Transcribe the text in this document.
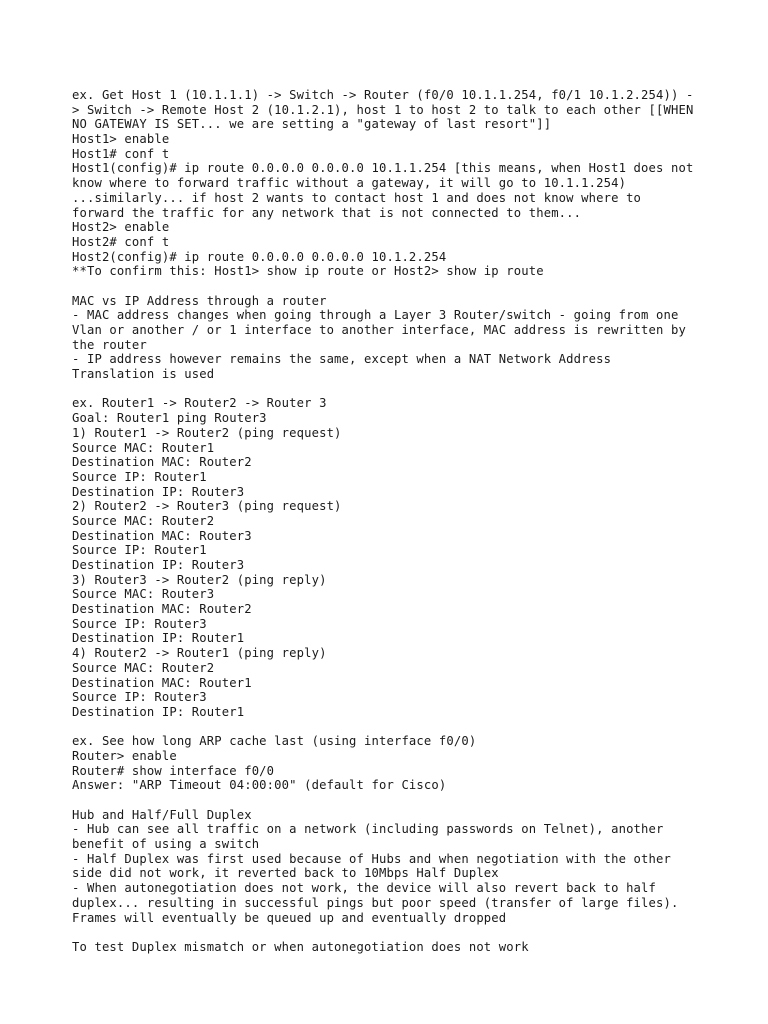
ex. Get Host 1 (10.1.1.1) -> Switch -> Router (f0/0 10.1.1.254, f0/1 10.1.2.254)) -
> Switch -> Remote Host 2 (10.1.2.1), host 1 to host 2 to talk to each other [[WHEN
NO GATEWAY IS SET... we are setting a "gateway of last resort"]]
Host1> enable
Host1# conf t
Host1(config)# ip route 0.0.0.0 0.0.0.0 10.1.1.254 [this means, when Host1 does not
know where to forward traffic without a gateway, it will go to 10.1.1.254)
...similarly... if host 2 wants to contact host 1 and does not know where to
forward the traffic for any network that is not connected to them...
Host2> enable
Host2# conf t
Host2(config)# ip route 0.0.0.0 0.0.0.0 10.1.2.254
**To confirm this: Host1> show ip route or Host2> show ip route
MAC vs IP Address through a router
- MAC address changes when going through a Layer 3 Router/switch - going from one
Vlan or another / or 1 interface to another interface, MAC address is rewritten by
the router
- IP address however remains the same, except when a NAT Network Address
Translation is used
ex. Router1 -> Router2 -> Router 3
Goal: Router1 ping Router3
1) Router1 -> Router2 (ping request)
Source MAC: Router1
Destination MAC: Router2
Source IP: Router1
Destination IP: Router3
2) Router2 -> Router3 (ping request)
Source MAC: Router2
Destination MAC: Router3
Source IP: Router1
Destination IP: Router3
3) Router3 -> Router2 (ping reply)
Source MAC: Router3
Destination MAC: Router2
Source IP: Router3
Destination IP: Router1
4) Router2 -> Router1 (ping reply)
Source MAC: Router2
Destination MAC: Router1
Source IP: Router3
Destination IP: Router1
ex. See how long ARP cache last (using interface f0/0)
Router> enable
Router# show interface f0/0
Answer: "ARP Timeout 04:00:00" (default for Cisco)
Hub and Half/Full Duplex
- Hub can see all traffic on a network (including passwords on Telnet), another
benefit of using a switch
- Half Duplex was first used because of Hubs and when negotiation with the other
side did not work, it reverted back to 10Mbps Half Duplex
- When autonegotiation does not work, the device will also revert back to half
duplex... resulting in successful pings but poor speed (transfer of large files).
Frames will eventually be queued up and eventually dropped
To test Duplex mismatch or when autonegotiation does not work
